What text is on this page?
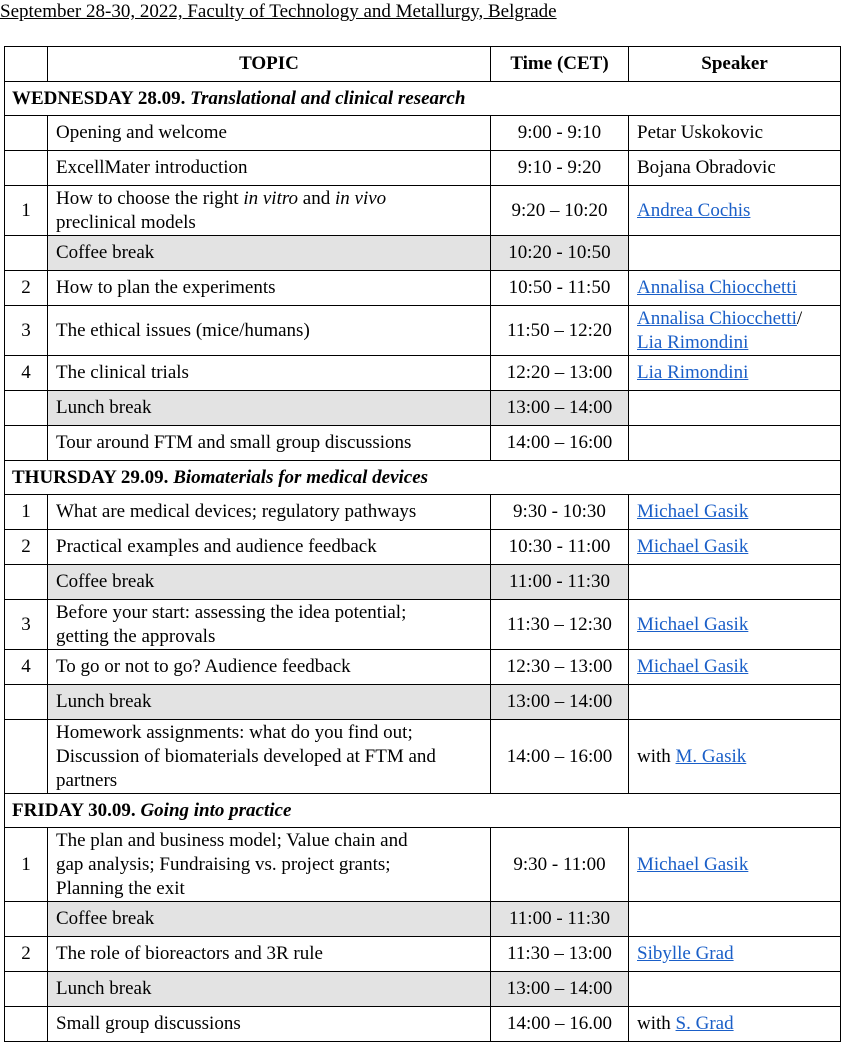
September 28-30, 2022, Faculty of Technology and Metallurgy, Belgrade
	TOPIC	Time (CET)	Speaker
WEDNESDAY 28.09. Translational and clinical research			
	Opening and welcome	9:00 - 9:10	Petar Uskokovic
	ExcellMater introduction	9:10 - 9:20	Bojana Obradovic
1	How to choose the right in vitro and in vivo
preclinical models	9:20 – 10:20	Andrea Cochis
	Coffee break	10:20 - 10:50	
2	How to plan the experiments	10:50 - 11:50	Annalisa Chiocchetti
3	The ethical issues (mice/humans)	11:50 – 12:20	Annalisa Chiocchetti/
Lia Rimondini
4	The clinical trials	12:20 – 13:00	Lia Rimondini
	Lunch break	13:00 – 14:00	
	Tour around FTM and small group discussions	14:00 – 16:00	
THURSDAY 29.09. Biomaterials for medical devices			
1	What are medical devices; regulatory pathways	9:30 - 10:30	Michael Gasik
2	Practical examples and audience feedback	10:30 - 11:00	Michael Gasik
	Coffee break	11:00 - 11:30	
3	Before your start: assessing the idea potential;
getting the approvals	11:30 – 12:30	Michael Gasik
4	To go or not to go? Audience feedback	12:30 – 13:00	Michael Gasik
	Lunch break	13:00 – 14:00	
	Homework assignments: what do you find out;
Discussion of biomaterials developed at FTM and
partners	14:00 – 16:00	with M. Gasik
FRIDAY 30.09. Going into practice			
1	The plan and business model; Value chain and
gap analysis; Fundraising vs. project grants;
Planning the exit	9:30 - 11:00	Michael Gasik
	Coffee break	11:00 - 11:30	
2	The role of bioreactors and 3R rule	11:30 – 13:00	Sibylle Grad
	Lunch break	13:00 – 14:00	
	Small group discussions	14:00 – 16.00	with S. Grad
